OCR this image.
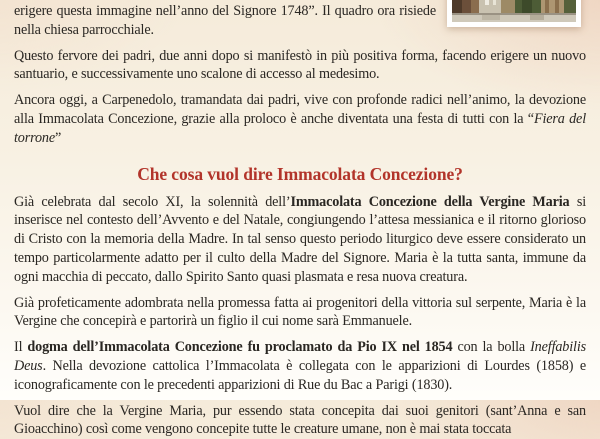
erigere questa immagine nell’anno del Signore 1748”. Il quadro ora risiede nella chiesa parrocchiale.

Questo fervore dei padri, due anni dopo si manifestò in più positiva forma, facendo erigere un nuovo santuario, e successivamente uno scalone di accesso al medesimo.

Ancora oggi, a Carpenedolo, tramandata dai padri, vive con profonde radici nell’animo, la devozione alla Immacolata Concezione, grazie alla proloco è anche diventata una festa di tutti con la “Fiera del torrone”

Che cosa vuol dire Immacolata Concezione?

Già celebrata dal secolo XI, la solennità dell’Immacolata Concezione della Vergine Maria si inserisce nel contesto dell’Avvento e del Natale, congiungendo l’attesa messianica e il ritorno glorioso di Cristo con la memoria della Madre. In tal senso questo periodo liturgico deve essere considerato un tempo particolarmente adatto per il culto della Madre del Signore. Maria è la tutta santa, immune da ogni macchia di peccato, dallo Spirito Santo quasi plasmata e resa nuova creatura.

Già profeticamente adombrata nella promessa fatta ai progenitori della vittoria sul serpente, Maria è la Vergine che concepirà e partorirà un figlio il cui nome sarà Emmanuele.

Il dogma dell’Immacolata Concezione fu proclamato da Pio IX nel 1854 con la bolla Ineffabilis Deus. Nella devozione cattolica l’Immacolata è collegata con le apparizioni di Lourdes (1858) e iconograficamente con le precedenti apparizioni di Rue du Bac a Parigi (1830).

Vuol dire che la Vergine Maria, pur essendo stata concepita dai suoi genitori (sant’Anna e san Gioacchino) così come vengono concepite tutte le creature umane, non è mai stata toccata
